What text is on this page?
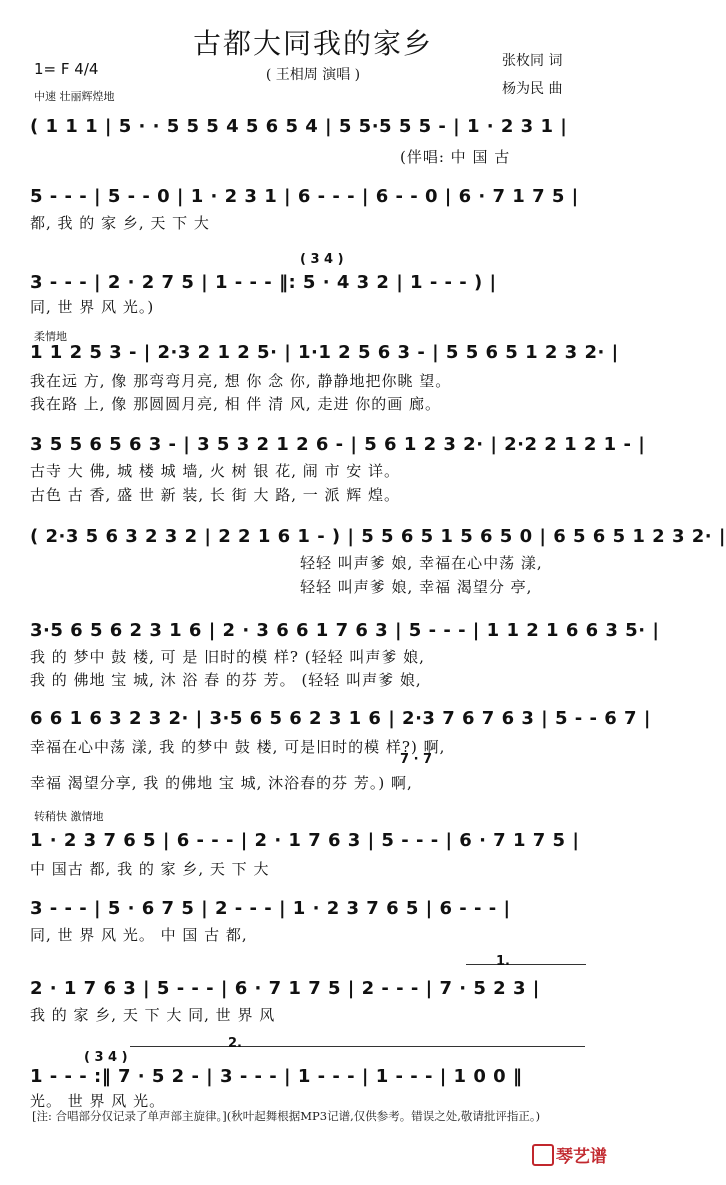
古都大同我的家乡
( 王相周 演唱 )
张枚同 词
杨为民 曲
1= F 4/4
中速 壮丽辉煌地
( 1 1 1 | 5 · · 5 5 5 4 5 6 5 4 | 5 5·5 5 5 - | 1 · 2 3 1 |
(伴唱: 中 国 古
5 - - - | 5 - - 0 | 1 · 2 3 1 | 6 - - - | 6 - - 0 | 6 · 7 1 7 5 |
都, 我 的 家 乡, 天 下 大
( 3 4 )
3 - - - | 2 · 2 7 5 | 1 - - - ‖: 5 · 4 3 2 | 1 - - - ) |
同, 世 界 风 光。)
柔情地
1 1 2 5 3 - | 2·3 2 1 2 5· | 1·1 2 5 6 3 - | 5 5 6 5 1 2 3 2· |
我在远 方, 像 那弯弯月亮, 想 你 念 你, 静静地把你眺 望。
我在路 上, 像 那圆圆月亮, 相 伴 清 风, 走进 你的画 廊。
3 5 5 6 5 6 3 - | 3 5 3 2 1 2 6 - | 5 6 1 2 3 2· | 2·2 2 1 2 1 - |
古寺 大 佛, 城 楼 城 墙, 火 树 银 花, 闹 市 安 详。
古色 古 香, 盛 世 新 装, 长 街 大 路, 一 派 辉 煌。
( 2·3 5 6 3 2 3 2 | 2 2 1 6 1 - ) | 5 5 6 5 1 5 6 5 0 | 6 5 6 5 1 2 3 2· |
轻轻 叫声爹 娘, 幸福在心中荡 漾,
轻轻 叫声爹 娘, 幸福 渴望分 亭,
3·5 6 5 6 2 3 1 6 | 2 · 3 6 6 1 7 6 3 | 5 - - - | 1 1 2 1 6 6 3 5· |
我 的 梦中 鼓 楼, 可 是 旧时的模 样? (轻轻 叫声爹 娘,
我 的 佛地 宝 城, 沐 浴 春 的芬 芳。 (轻轻 叫声爹 娘,
6 6 1 6 3 2 3 2· | 3·5 6 5 6 2 3 1 6 | 2·3 7 6 7 6 3 | 5 - - 6 7 |
幸福在心中荡 漾, 我 的梦中 鼓 楼, 可是旧时的模 样?) 啊,
7 · 7
幸福 渴望分享, 我 的佛地 宝 城, 沐浴春的芬 芳。) 啊,
转稍快 激情地
1 · 2 3 7 6 5 | 6 - - - | 2 · 1 7 6 3 | 5 - - - | 6 · 7 1 7 5 |
中 国古 都, 我 的 家 乡, 天 下 大
3 - - - | 5 · 6 7 5 | 2 - - - | 1 · 2 3 7 6 5 | 6 - - - |
同, 世 界 风 光。 中 国 古 都,
1.
2 · 1 7 6 3 | 5 - - - | 6 · 7 1 7 5 | 2 - - - | 7 · 5 2 3 |
我 的 家 乡, 天 下 大 同, 世 界 风
( 3 4 )
2.
1 - - - :‖ 7 · 5 2 - | 3 - - - | 1 - - - | 1 - - - | 1 0 0 ‖
光。 世 界 风 光。
[注: 合唱部分仅记录了单声部主旋律。](秋叶起舞根据MP3记谱,仅供参考。错误之处,敬请批评指正。)
琴艺谱
